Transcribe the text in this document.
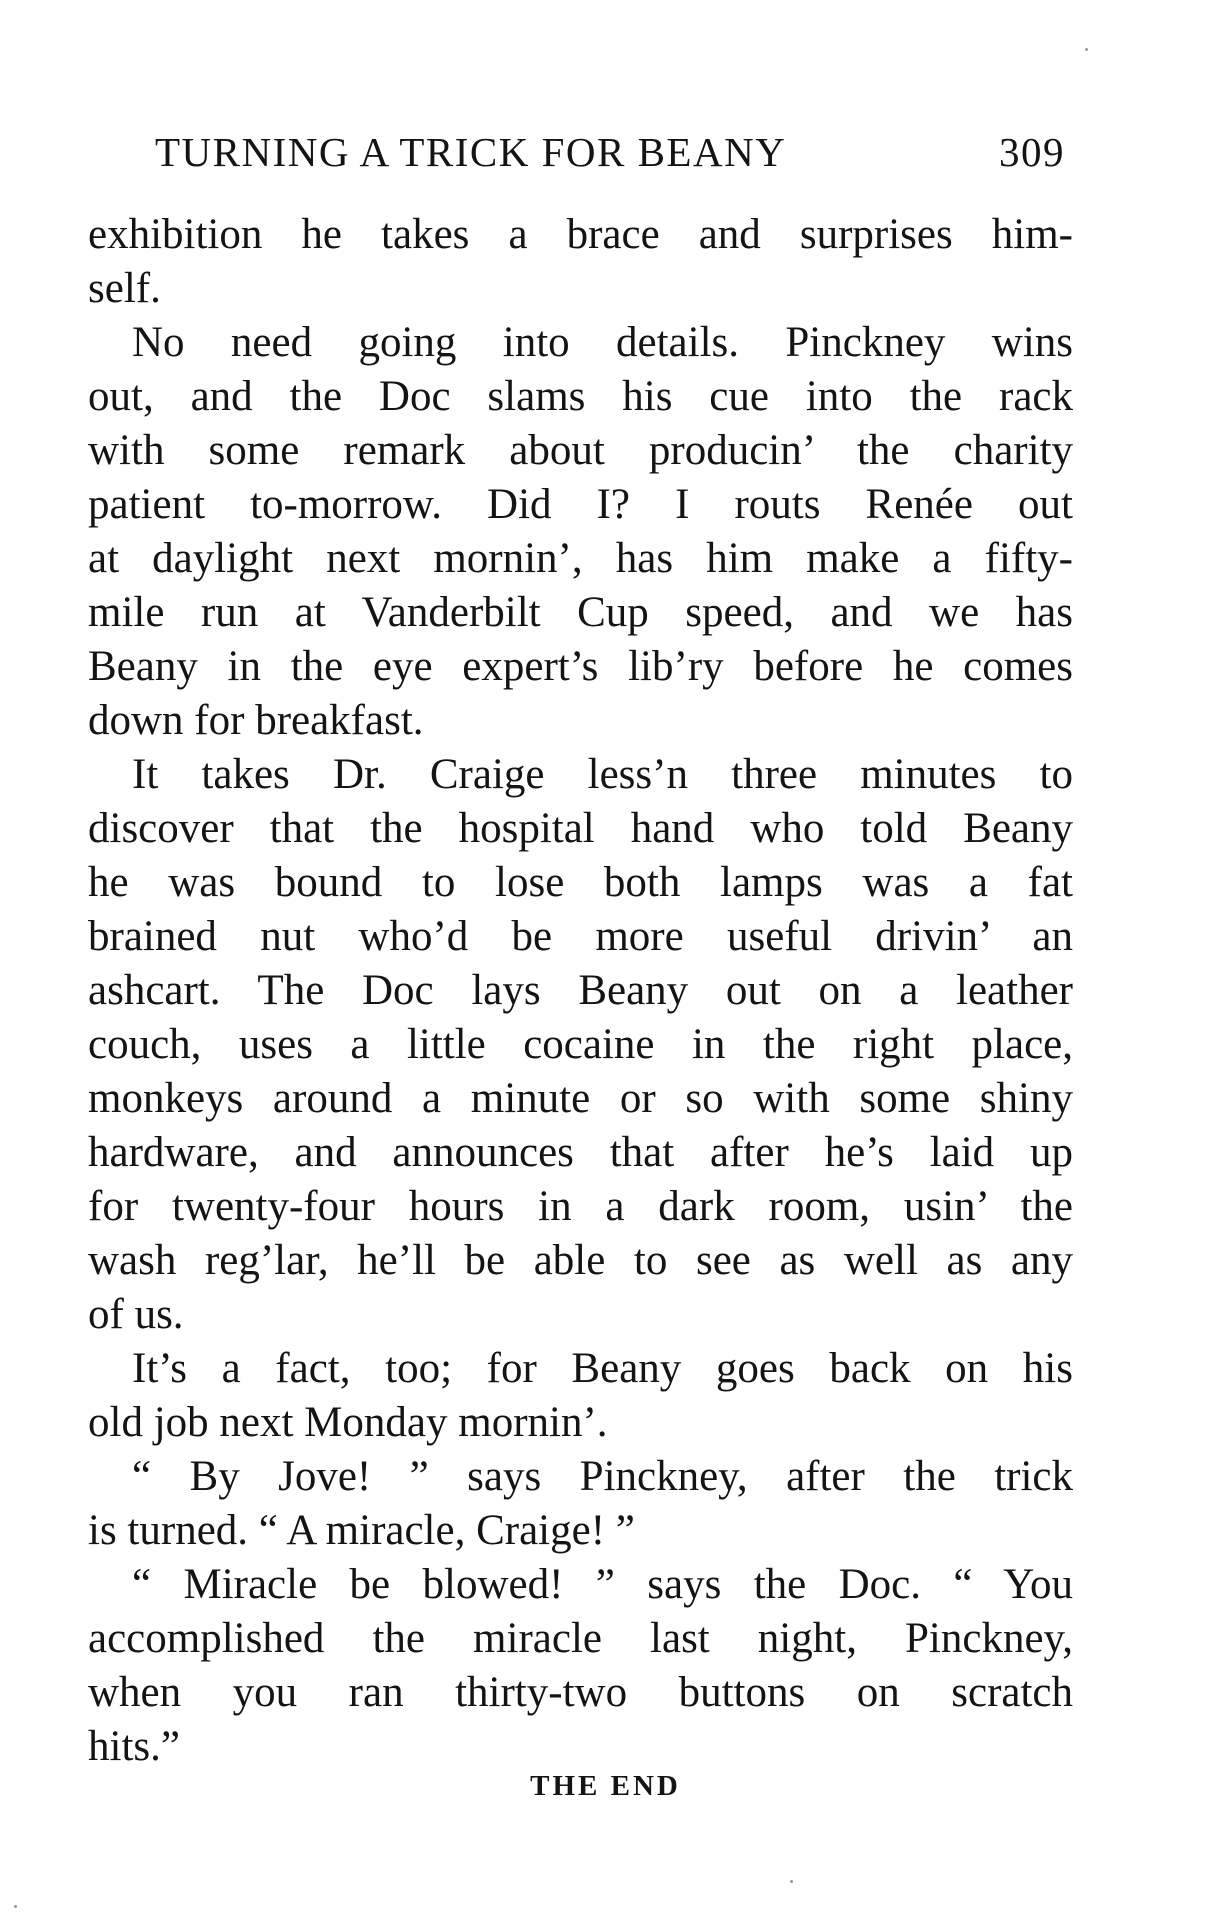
TURNING A TRICK FOR BEANY	309
exhibition he takes a brace and surprises him-
self.
No need going into details. Pinckney wins
out, and the Doc slams his cue into the rack
with some remark about producin’ the charity
patient to-morrow. Did I? I routs Renée out
at daylight next mornin’, has him make a fifty-
mile run at Vanderbilt Cup speed, and we has
Beany in the eye expert’s lib’ry before he comes
down for breakfast.
It takes Dr. Craige less’n three minutes to
discover that the hospital hand who told Beany
he was bound to lose both lamps was a fat
brained nut who’d be more useful drivin’ an
ashcart. The Doc lays Beany out on a leather
couch, uses a little cocaine in the right place,
monkeys around a minute or so with some shiny
hardware, and announces that after he’s laid up
for twenty-four hours in a dark room, usin’ the
wash reg’lar, he’ll be able to see as well as any
of us.
It’s a fact, too; for Beany goes back on his
old job next Monday mornin’.
“ By Jove! ” says Pinckney, after the trick
is turned. “ A miracle, Craige! ”
“ Miracle be blowed! ” says the Doc. “ You
accomplished the miracle last night, Pinckney,
when you ran thirty-two buttons on scratch
hits.”
THE END
